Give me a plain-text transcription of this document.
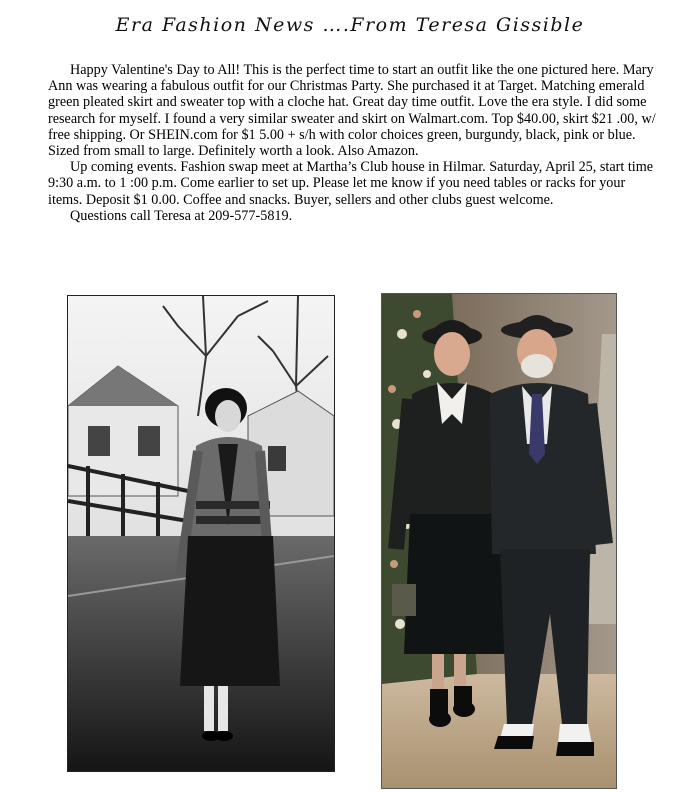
Era Fashion News ….From Teresa Gissible

Happy Valentine's Day to All! This is the perfect time to start an outfit like the one pictured here. Mary Ann was wearing a fabulous outfit for our Christmas Party. She purchased it at Target. Matching emerald green pleated skirt and sweater top with a cloche hat. Great day time outfit. Love the era style. I did some research for myself. I found a very similar sweater and skirt on Walmart.com. Top $40.00, skirt $21 .00, w/ free shipping. Or SHEIN.com for $1 5.00 + s/h with color choices green, burgundy, black, pink or blue. Sized from small to large. Definitely worth a look. Also Amazon.

Up coming events. Fashion swap meet at Martha’s Club house in Hilmar. Saturday, April 25, start time 9:30 a.m. to 1 :00 p.m. Come earlier to set up. Please let me know if you need tables or racks for your items. Deposit $1 0.00. Coffee and snacks. Buyer, sellers and other clubs guest welcome.

Questions call Teresa at 209-577-5819.
